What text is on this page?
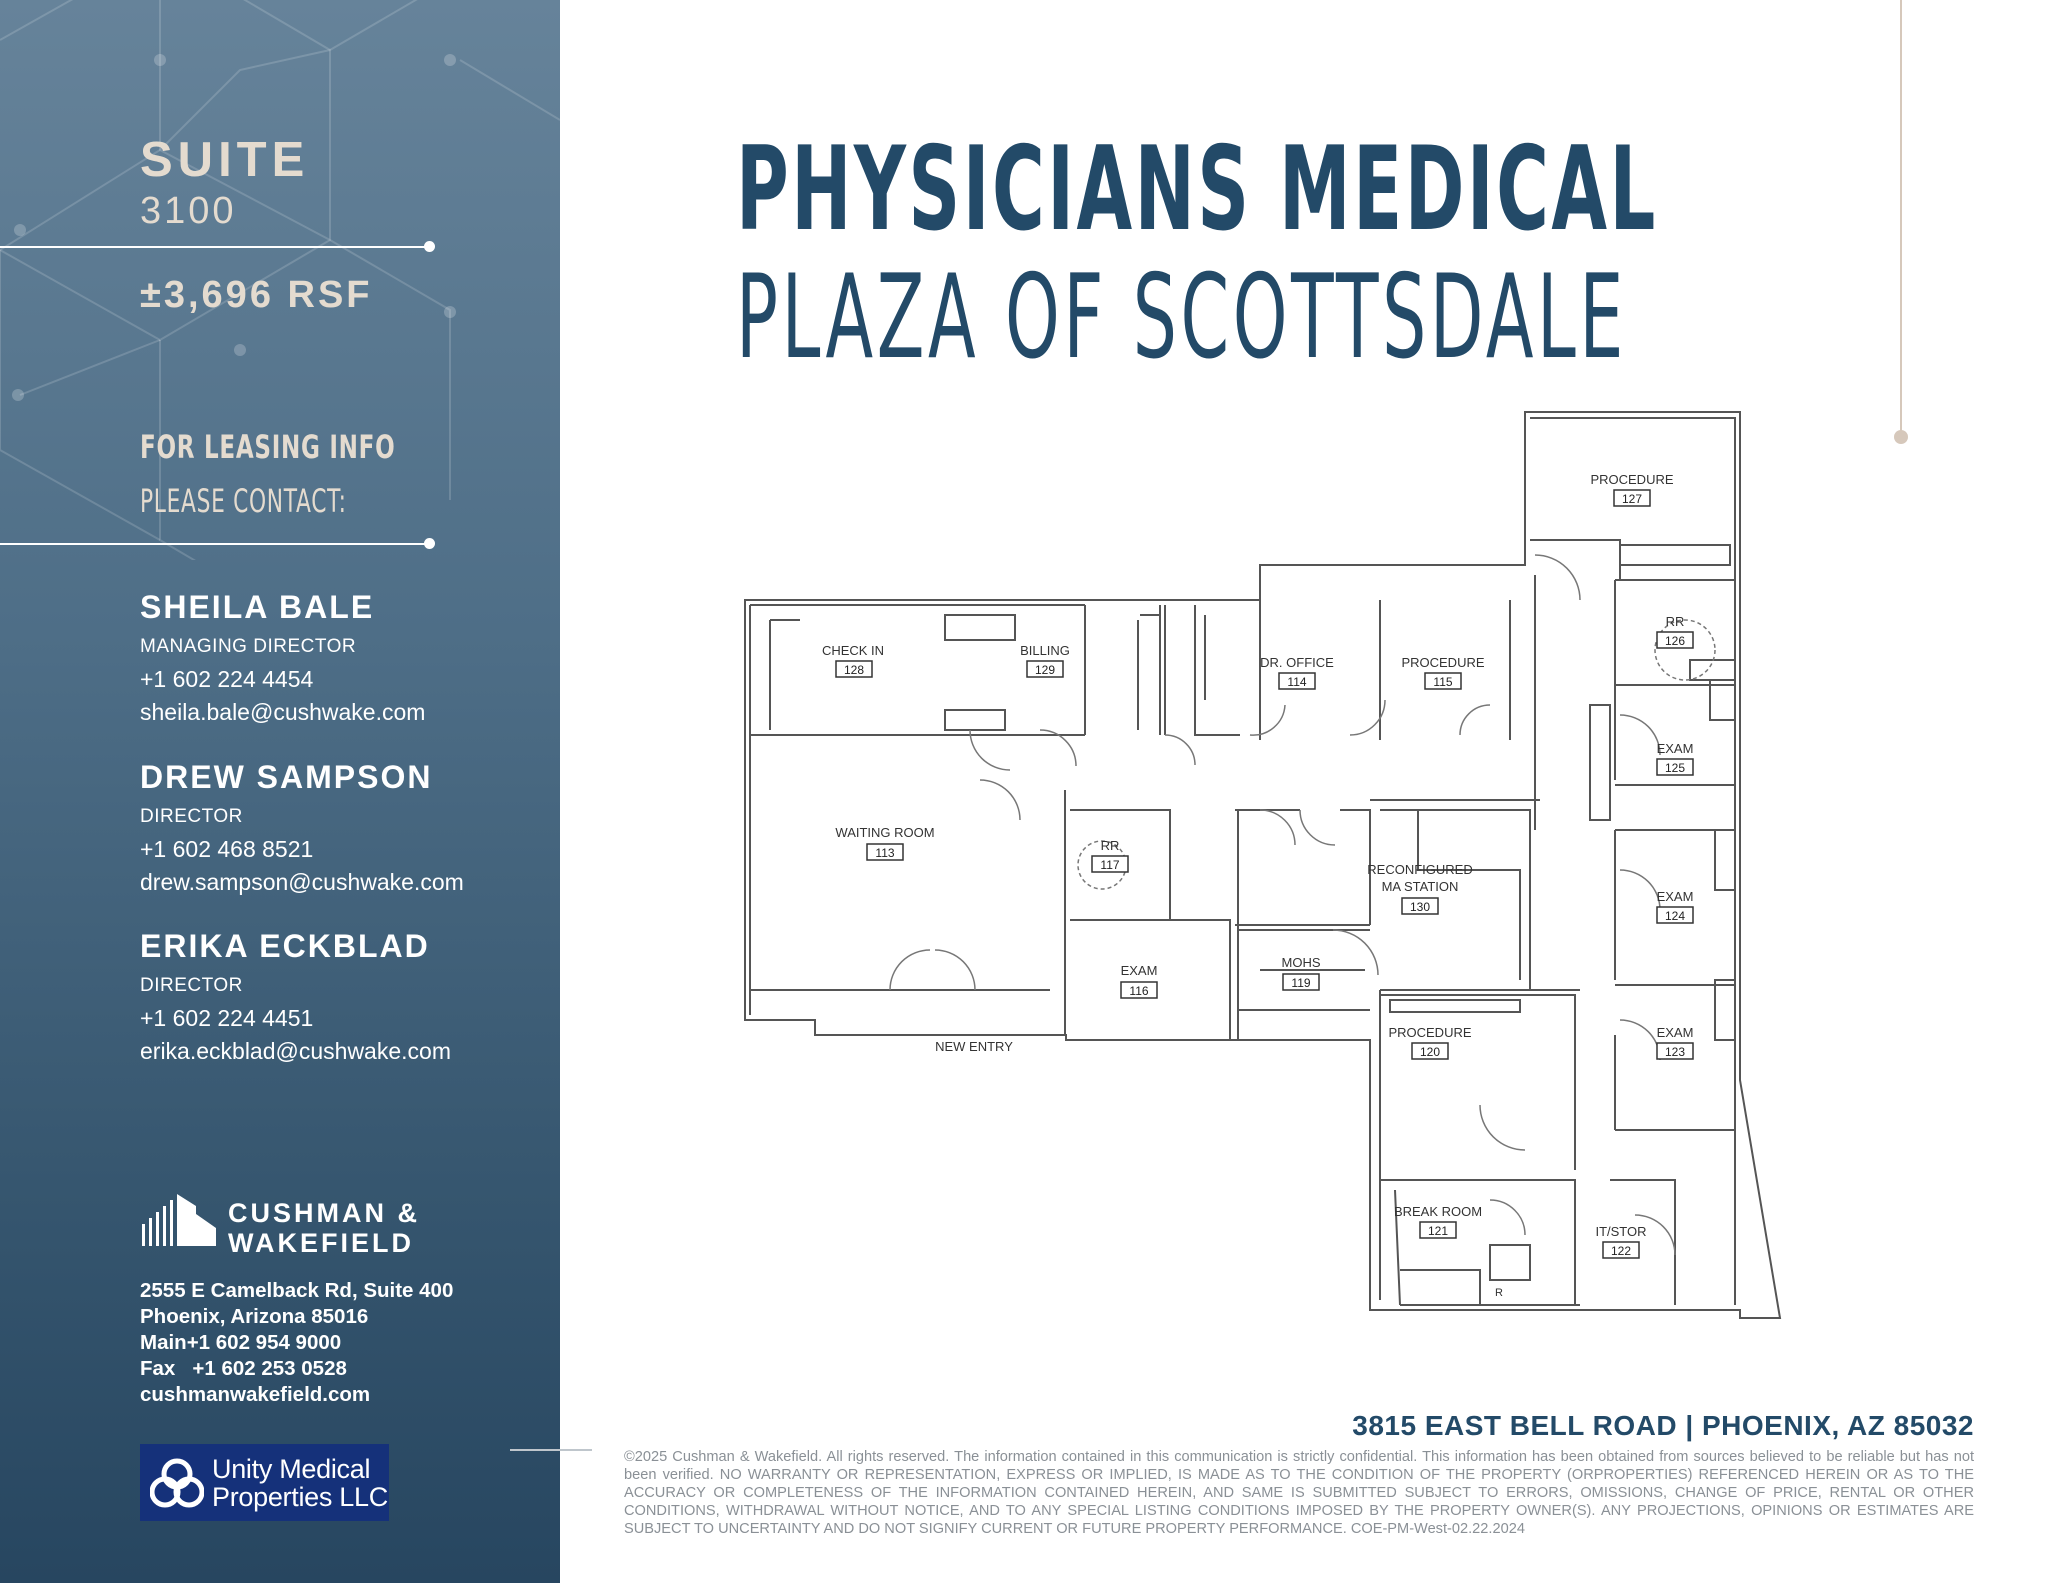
SUITE
3100
±3,696 RSF
FOR LEASING INFO
PLEASE CONTACT:
SHEILA BALE
MANAGING DIRECTOR
+1 602 224 4454
sheila.bale@cushwake.com
DREW SAMPSON
DIRECTOR
+1 602 468 8521
drew.sampson@cushwake.com
ERIKA ECKBLAD
DIRECTOR
+1 602 224 4451
erika.eckblad@cushwake.com
CUSHMAN &
WAKEFIELD
2555 E Camelback Rd, Suite 400
Phoenix, Arizona 85016
Main+1 602 954 9000
Fax   +1 602 253 0528
cushmanwakefield.com
Unity Medical
Properties LLC
PHYSICIANS MEDICAL
PLAZA OF SCOTTSDALE
CHECK IN	BILLING
DR. OFFICE	PROCEDURE
PROCEDURE
RR
EXAM
EXAM
EXAM
WAITING ROOM
RR
EXAM
MOHS
RECONFIGURED
MA STATION
PROCEDURE
BREAK ROOM
IT/STOR
NEW ENTRY
R
128	129
114	115
127
126
125
124
123
113
117
116
119
130
120
121
122
3815 EAST BELL ROAD | PHOENIX, AZ 85032
©2025 Cushman & Wakefield. All rights reserved. The information contained in this communication is strictly confidential. This information has been obtained from sources believed to be reliable but has not been verified. NO WARRANTY OR REPRESENTATION, EXPRESS OR IMPLIED, IS MADE AS TO THE CONDITION OF THE PROPERTY (ORPROPERTIES) REFERENCED HEREIN OR AS TO THE ACCURACY OR COMPLETENESS OF THE INFORMATION CONTAINED HEREIN, AND SAME IS SUBMITTED SUBJECT TO ERRORS, OMISSIONS, CHANGE OF PRICE, RENTAL OR OTHER CONDITIONS, WITHDRAWAL WITHOUT NOTICE, AND TO ANY SPECIAL LISTING CONDITIONS IMPOSED BY THE PROPERTY OWNER(S). ANY PROJECTIONS, OPINIONS OR ESTIMATES ARE SUBJECT TO UNCERTAINTY AND DO NOT SIGNIFY CURRENT OR FUTURE PROPERTY PERFORMANCE. COE-PM-West-02.22.2024
